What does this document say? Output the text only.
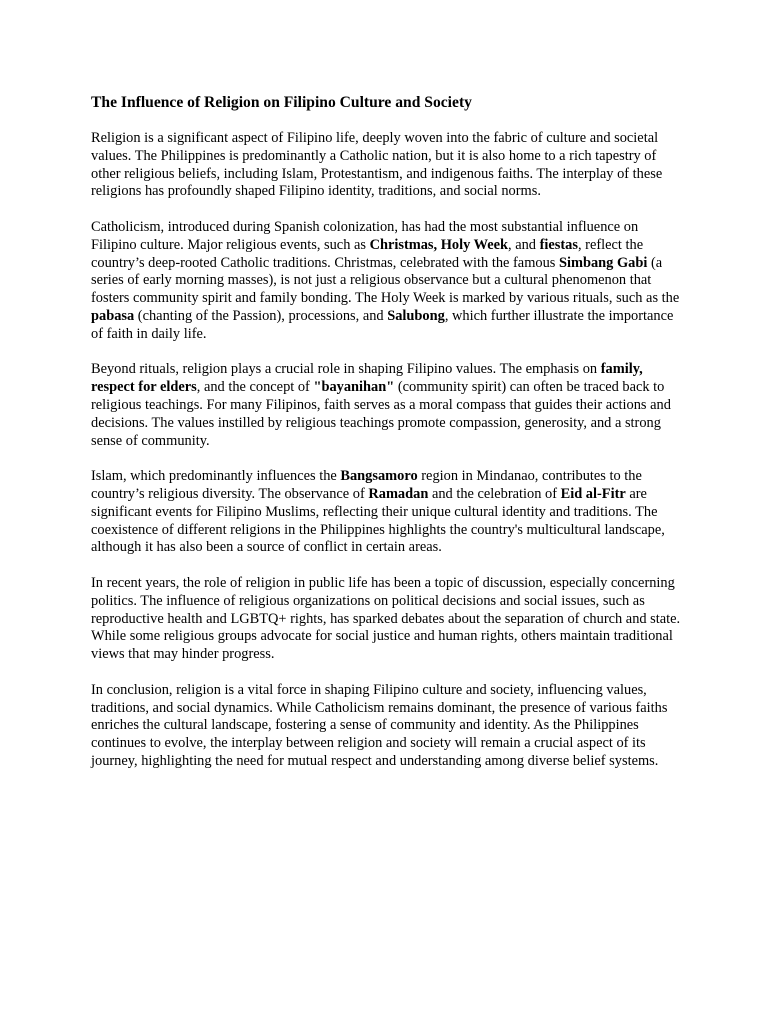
The Influence of Religion on Filipino Culture and Society

Religion is a significant aspect of Filipino life, deeply woven into the fabric of culture and societal values. The Philippines is predominantly a Catholic nation, but it is also home to a rich tapestry of other religious beliefs, including Islam, Protestantism, and indigenous faiths. The interplay of these religions has profoundly shaped Filipino identity, traditions, and social norms.

Catholicism, introduced during Spanish colonization, has had the most substantial influence on Filipino culture. Major religious events, such as Christmas, Holy Week, and fiestas, reflect the country’s deep-rooted Catholic traditions. Christmas, celebrated with the famous Simbang Gabi (a series of early morning masses), is not just a religious observance but a cultural phenomenon that fosters community spirit and family bonding. The Holy Week is marked by various rituals, such as the pabasa (chanting of the Passion), processions, and Salubong, which further illustrate the importance of faith in daily life.

Beyond rituals, religion plays a crucial role in shaping Filipino values. The emphasis on family, respect for elders, and the concept of "bayanihan" (community spirit) can often be traced back to religious teachings. For many Filipinos, faith serves as a moral compass that guides their actions and decisions. The values instilled by religious teachings promote compassion, generosity, and a strong sense of community.

Islam, which predominantly influences the Bangsamoro region in Mindanao, contributes to the country’s religious diversity. The observance of Ramadan and the celebration of Eid al-Fitr are significant events for Filipino Muslims, reflecting their unique cultural identity and traditions. The coexistence of different religions in the Philippines highlights the country's multicultural landscape, although it has also been a source of conflict in certain areas.

In recent years, the role of religion in public life has been a topic of discussion, especially concerning politics. The influence of religious organizations on political decisions and social issues, such as reproductive health and LGBTQ+ rights, has sparked debates about the separation of church and state. While some religious groups advocate for social justice and human rights, others maintain traditional views that may hinder progress.

In conclusion, religion is a vital force in shaping Filipino culture and society, influencing values, traditions, and social dynamics. While Catholicism remains dominant, the presence of various faiths enriches the cultural landscape, fostering a sense of community and identity. As the Philippines continues to evolve, the interplay between religion and society will remain a crucial aspect of its journey, highlighting the need for mutual respect and understanding among diverse belief systems.
